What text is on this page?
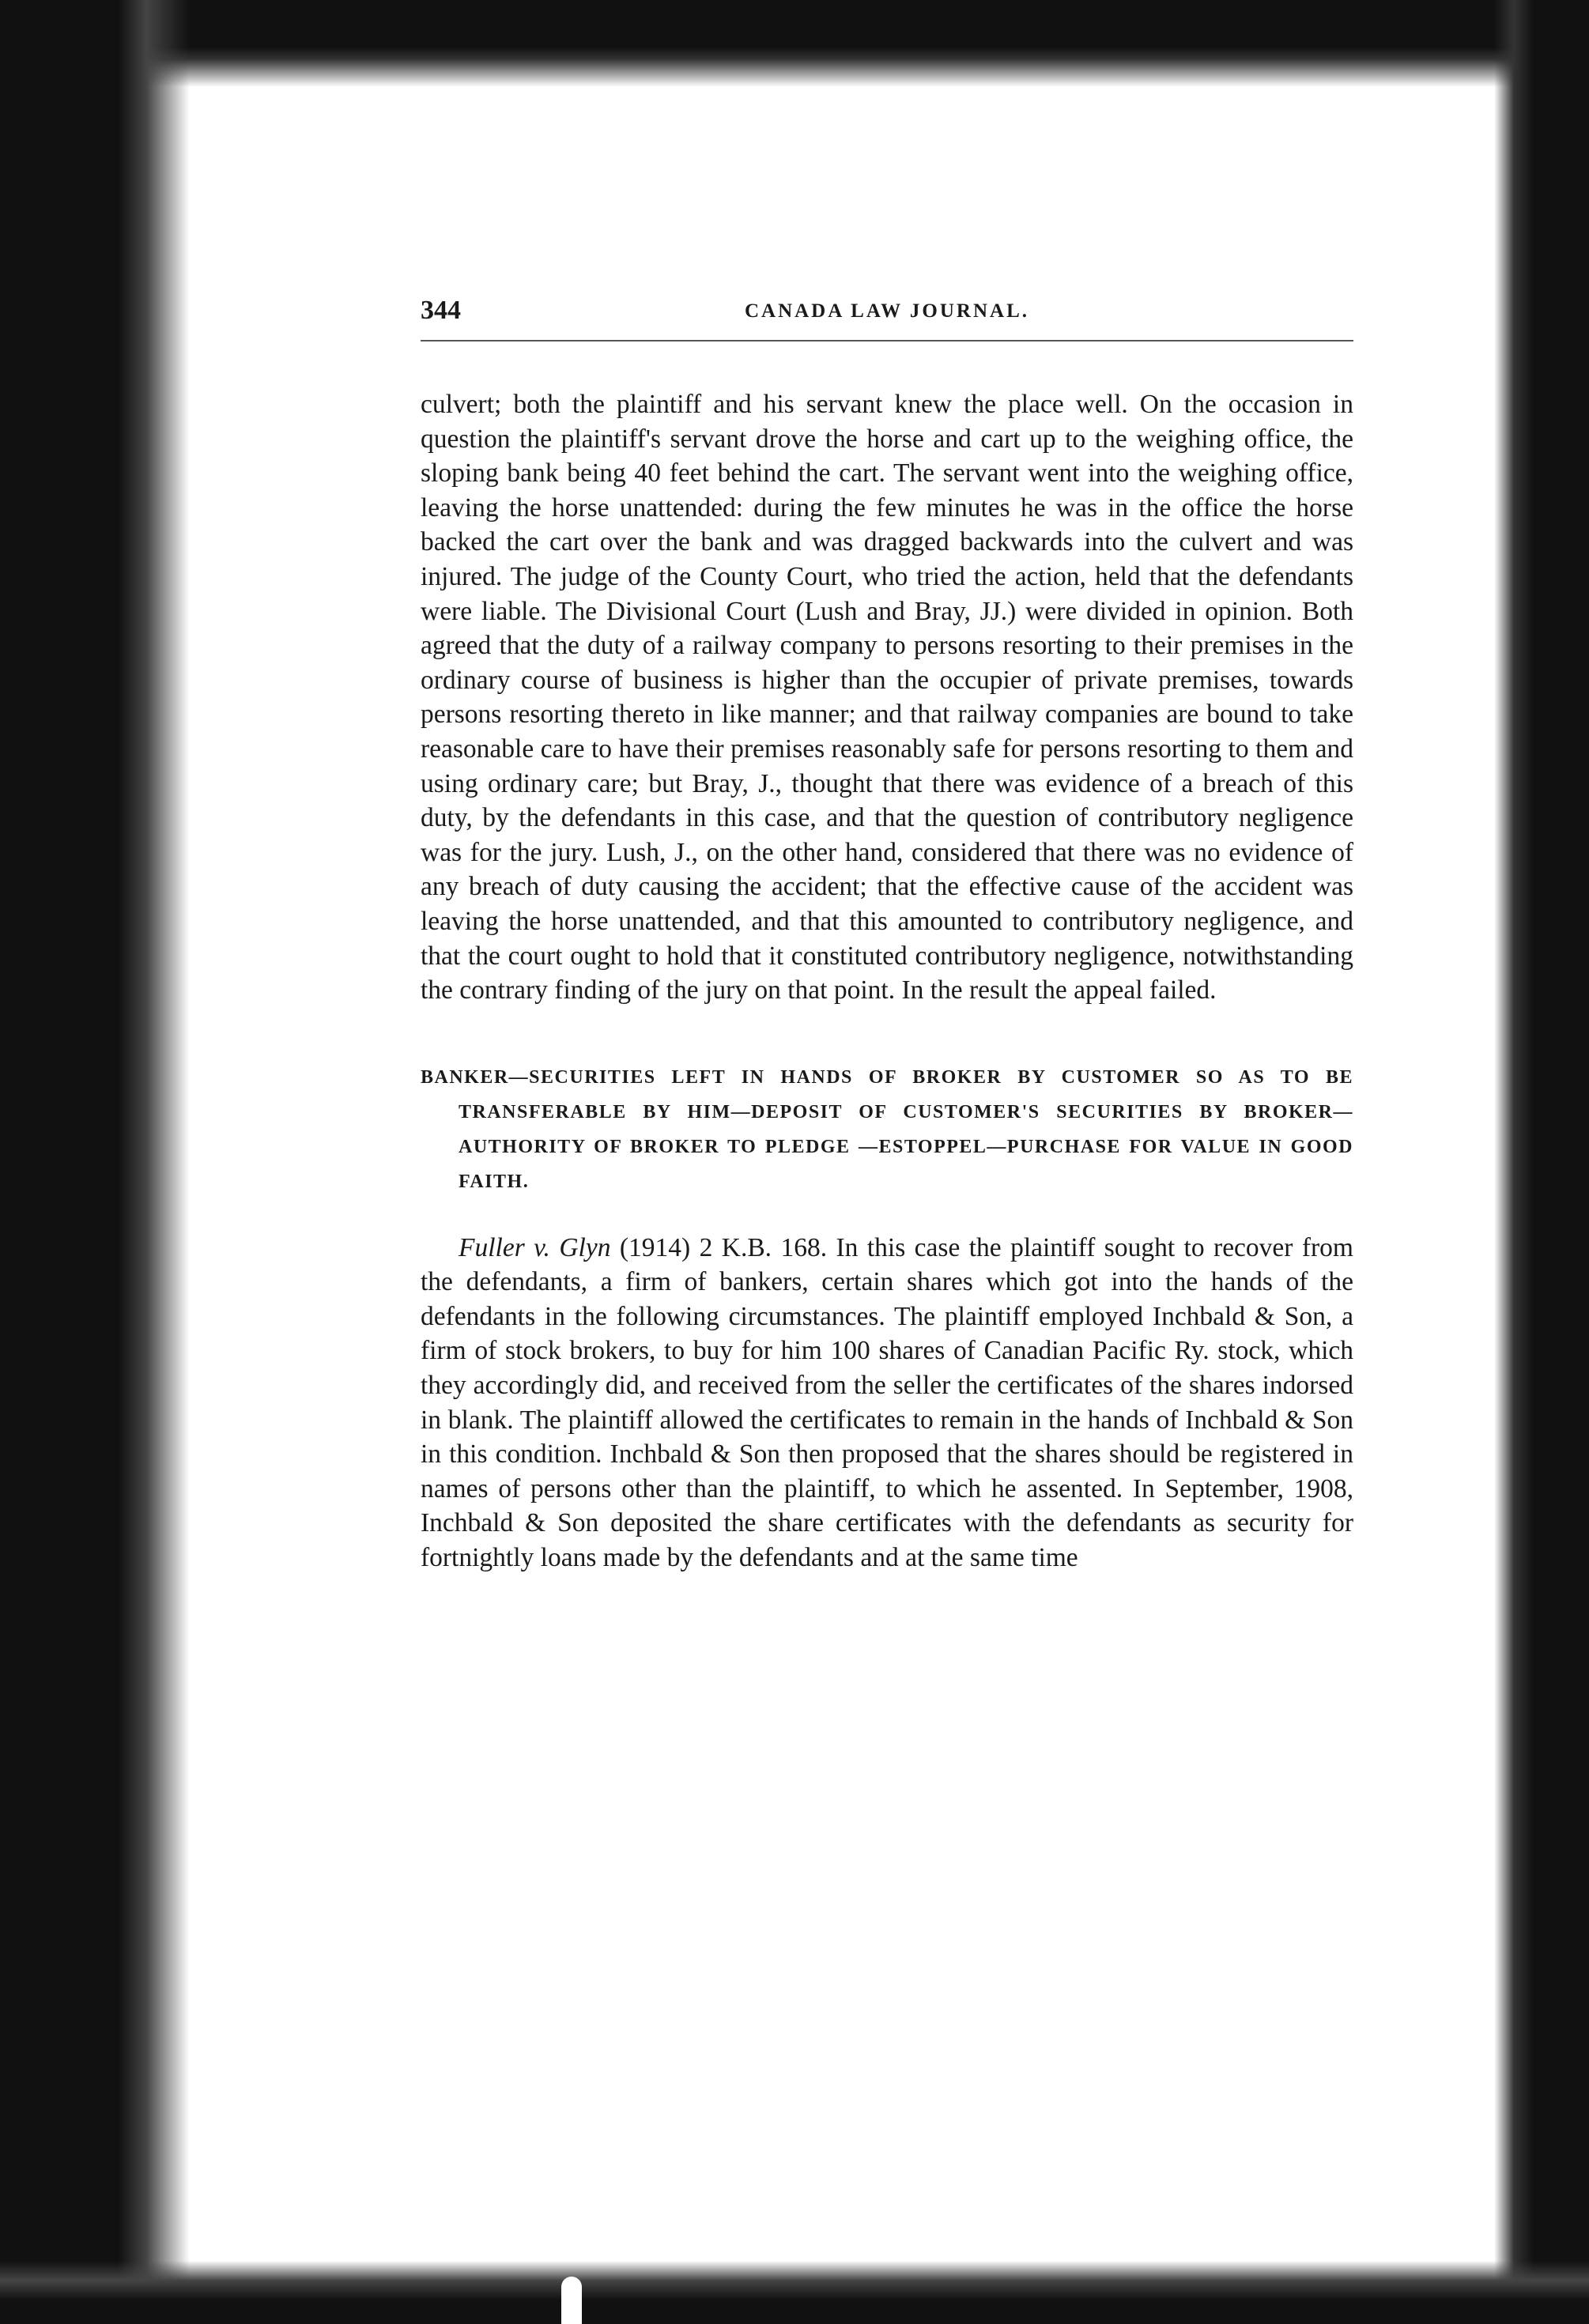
344	CANADA LAW JOURNAL.

culvert; both the plaintiff and his servant knew the place well. On the occasion in question the plaintiff's servant drove the horse and cart up to the weighing office, the sloping bank being 40 feet behind the cart. The servant went into the weighing office, leaving the horse unattended: during the few minutes he was in the office the horse backed the cart over the bank and was dragged backwards into the culvert and was injured. The judge of the County Court, who tried the action, held that the defendants were liable. The Divisional Court (Lush and Bray, JJ.) were divided in opinion. Both agreed that the duty of a railway company to persons resorting to their premises in the ordinary course of business is higher than the occupier of private premises, towards persons resorting thereto in like manner; and that railway companies are bound to take reasonable care to have their premises reasonably safe for persons resorting to them and using ordinary care; but Bray, J., thought that there was evidence of a breach of this duty, by the defendants in this case, and that the question of contributory negligence was for the jury. Lush, J., on the other hand, considered that there was no evidence of any breach of duty causing the accident; that the effective cause of the accident was leaving the horse unattended, and that this amounted to contributory negligence, and that the court ought to hold that it constituted contributory negligence, notwithstanding the contrary finding of the jury on that point. In the result the appeal failed.

BANKER—SECURITIES LEFT IN HANDS OF BROKER BY CUSTOMER SO AS TO BE TRANSFERABLE BY HIM—DEPOSIT OF CUSTOMER'S SECURITIES BY BROKER—AUTHORITY OF BROKER TO PLEDGE —ESTOPPEL—PURCHASE FOR VALUE IN GOOD FAITH.

Fuller v. Glyn (1914) 2 K.B. 168. In this case the plaintiff sought to recover from the defendants, a firm of bankers, certain shares which got into the hands of the defendants in the following circumstances. The plaintiff employed Inchbald & Son, a firm of stock brokers, to buy for him 100 shares of Canadian Pacific Ry. stock, which they accordingly did, and received from the seller the certificates of the shares indorsed in blank. The plaintiff allowed the certificates to remain in the hands of Inchbald & Son in this condition. Inchbald & Son then proposed that the shares should be registered in names of persons other than the plaintiff, to which he assented. In September, 1908, Inchbald & Son deposited the share certificates with the defendants as security for fortnightly loans made by the defendants and at the same time
